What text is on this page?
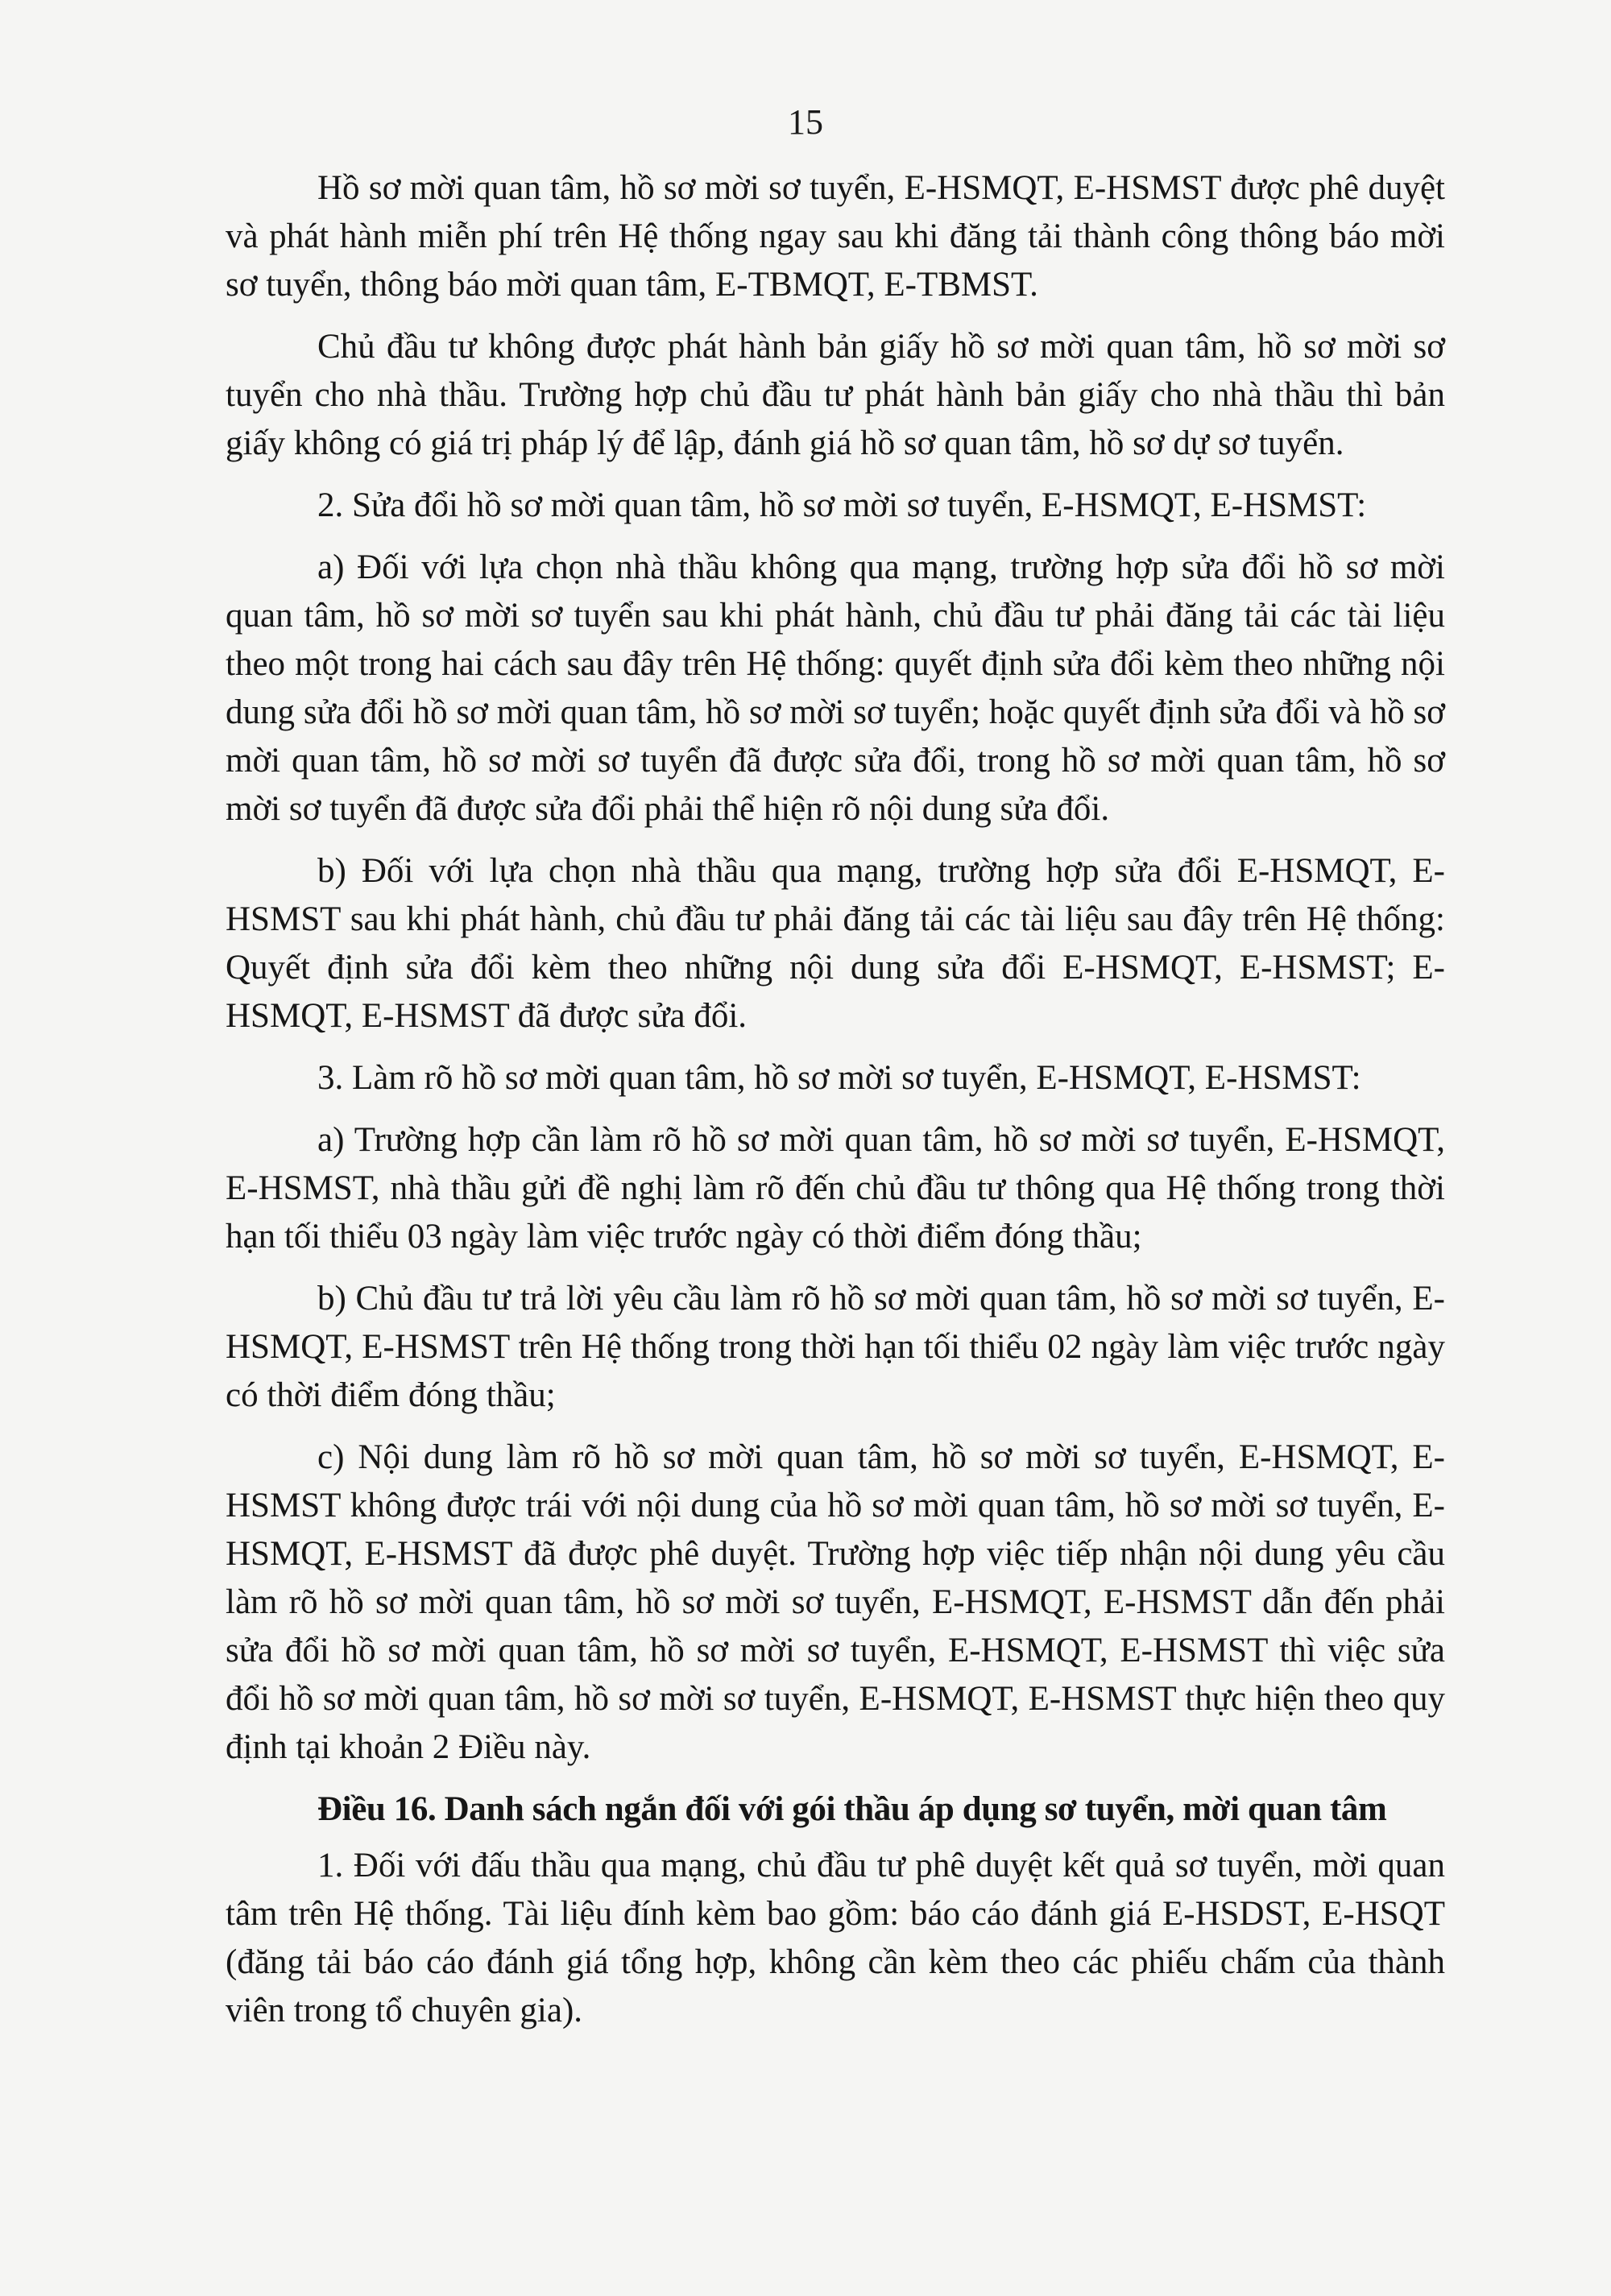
15

Hồ sơ mời quan tâm, hồ sơ mời sơ tuyển, E-HSMQT, E-HSMST được phê duyệt và phát hành miễn phí trên Hệ thống ngay sau khi đăng tải thành công thông báo mời sơ tuyển, thông báo mời quan tâm, E-TBMQT, E-TBMST.

Chủ đầu tư không được phát hành bản giấy hồ sơ mời quan tâm, hồ sơ mời sơ tuyển cho nhà thầu. Trường hợp chủ đầu tư phát hành bản giấy cho nhà thầu thì bản giấy không có giá trị pháp lý để lập, đánh giá hồ sơ quan tâm, hồ sơ dự sơ tuyển.

2. Sửa đổi hồ sơ mời quan tâm, hồ sơ mời sơ tuyển, E-HSMQT, E-HSMST:

a) Đối với lựa chọn nhà thầu không qua mạng, trường hợp sửa đổi hồ sơ mời quan tâm, hồ sơ mời sơ tuyển sau khi phát hành, chủ đầu tư phải đăng tải các tài liệu theo một trong hai cách sau đây trên Hệ thống: quyết định sửa đổi kèm theo những nội dung sửa đổi hồ sơ mời quan tâm, hồ sơ mời sơ tuyển; hoặc quyết định sửa đổi và hồ sơ mời quan tâm, hồ sơ mời sơ tuyển đã được sửa đổi, trong hồ sơ mời quan tâm, hồ sơ mời sơ tuyển đã được sửa đổi phải thể hiện rõ nội dung sửa đổi.

b) Đối với lựa chọn nhà thầu qua mạng, trường hợp sửa đổi E-HSMQT, E-HSMST sau khi phát hành, chủ đầu tư phải đăng tải các tài liệu sau đây trên Hệ thống: Quyết định sửa đổi kèm theo những nội dung sửa đổi E-HSMQT, E-HSMST; E-HSMQT, E-HSMST đã được sửa đổi.

3. Làm rõ hồ sơ mời quan tâm, hồ sơ mời sơ tuyển, E-HSMQT, E-HSMST:

a) Trường hợp cần làm rõ hồ sơ mời quan tâm, hồ sơ mời sơ tuyển, E-HSMQT, E-HSMST, nhà thầu gửi đề nghị làm rõ đến chủ đầu tư thông qua Hệ thống trong thời hạn tối thiểu 03 ngày làm việc trước ngày có thời điểm đóng thầu;

b) Chủ đầu tư trả lời yêu cầu làm rõ hồ sơ mời quan tâm, hồ sơ mời sơ tuyển, E-HSMQT, E-HSMST trên Hệ thống trong thời hạn tối thiểu 02 ngày làm việc trước ngày có thời điểm đóng thầu;

c) Nội dung làm rõ hồ sơ mời quan tâm, hồ sơ mời sơ tuyển, E-HSMQT, E-HSMST không được trái với nội dung của hồ sơ mời quan tâm, hồ sơ mời sơ tuyển, E-HSMQT, E-HSMST đã được phê duyệt. Trường hợp việc tiếp nhận nội dung yêu cầu làm rõ hồ sơ mời quan tâm, hồ sơ mời sơ tuyển, E-HSMQT, E-HSMST dẫn đến phải sửa đổi hồ sơ mời quan tâm, hồ sơ mời sơ tuyển, E-HSMQT, E-HSMST thì việc sửa đổi hồ sơ mời quan tâm, hồ sơ mời sơ tuyển, E-HSMQT, E-HSMST thực hiện theo quy định tại khoản 2 Điều này.

Điều 16. Danh sách ngắn đối với gói thầu áp dụng sơ tuyển, mời quan tâm

1. Đối với đấu thầu qua mạng, chủ đầu tư phê duyệt kết quả sơ tuyển, mời quan tâm trên Hệ thống. Tài liệu đính kèm bao gồm: báo cáo đánh giá E-HSDST, E-HSQT (đăng tải báo cáo đánh giá tổng hợp, không cần kèm theo các phiếu chấm của thành viên trong tổ chuyên gia).
